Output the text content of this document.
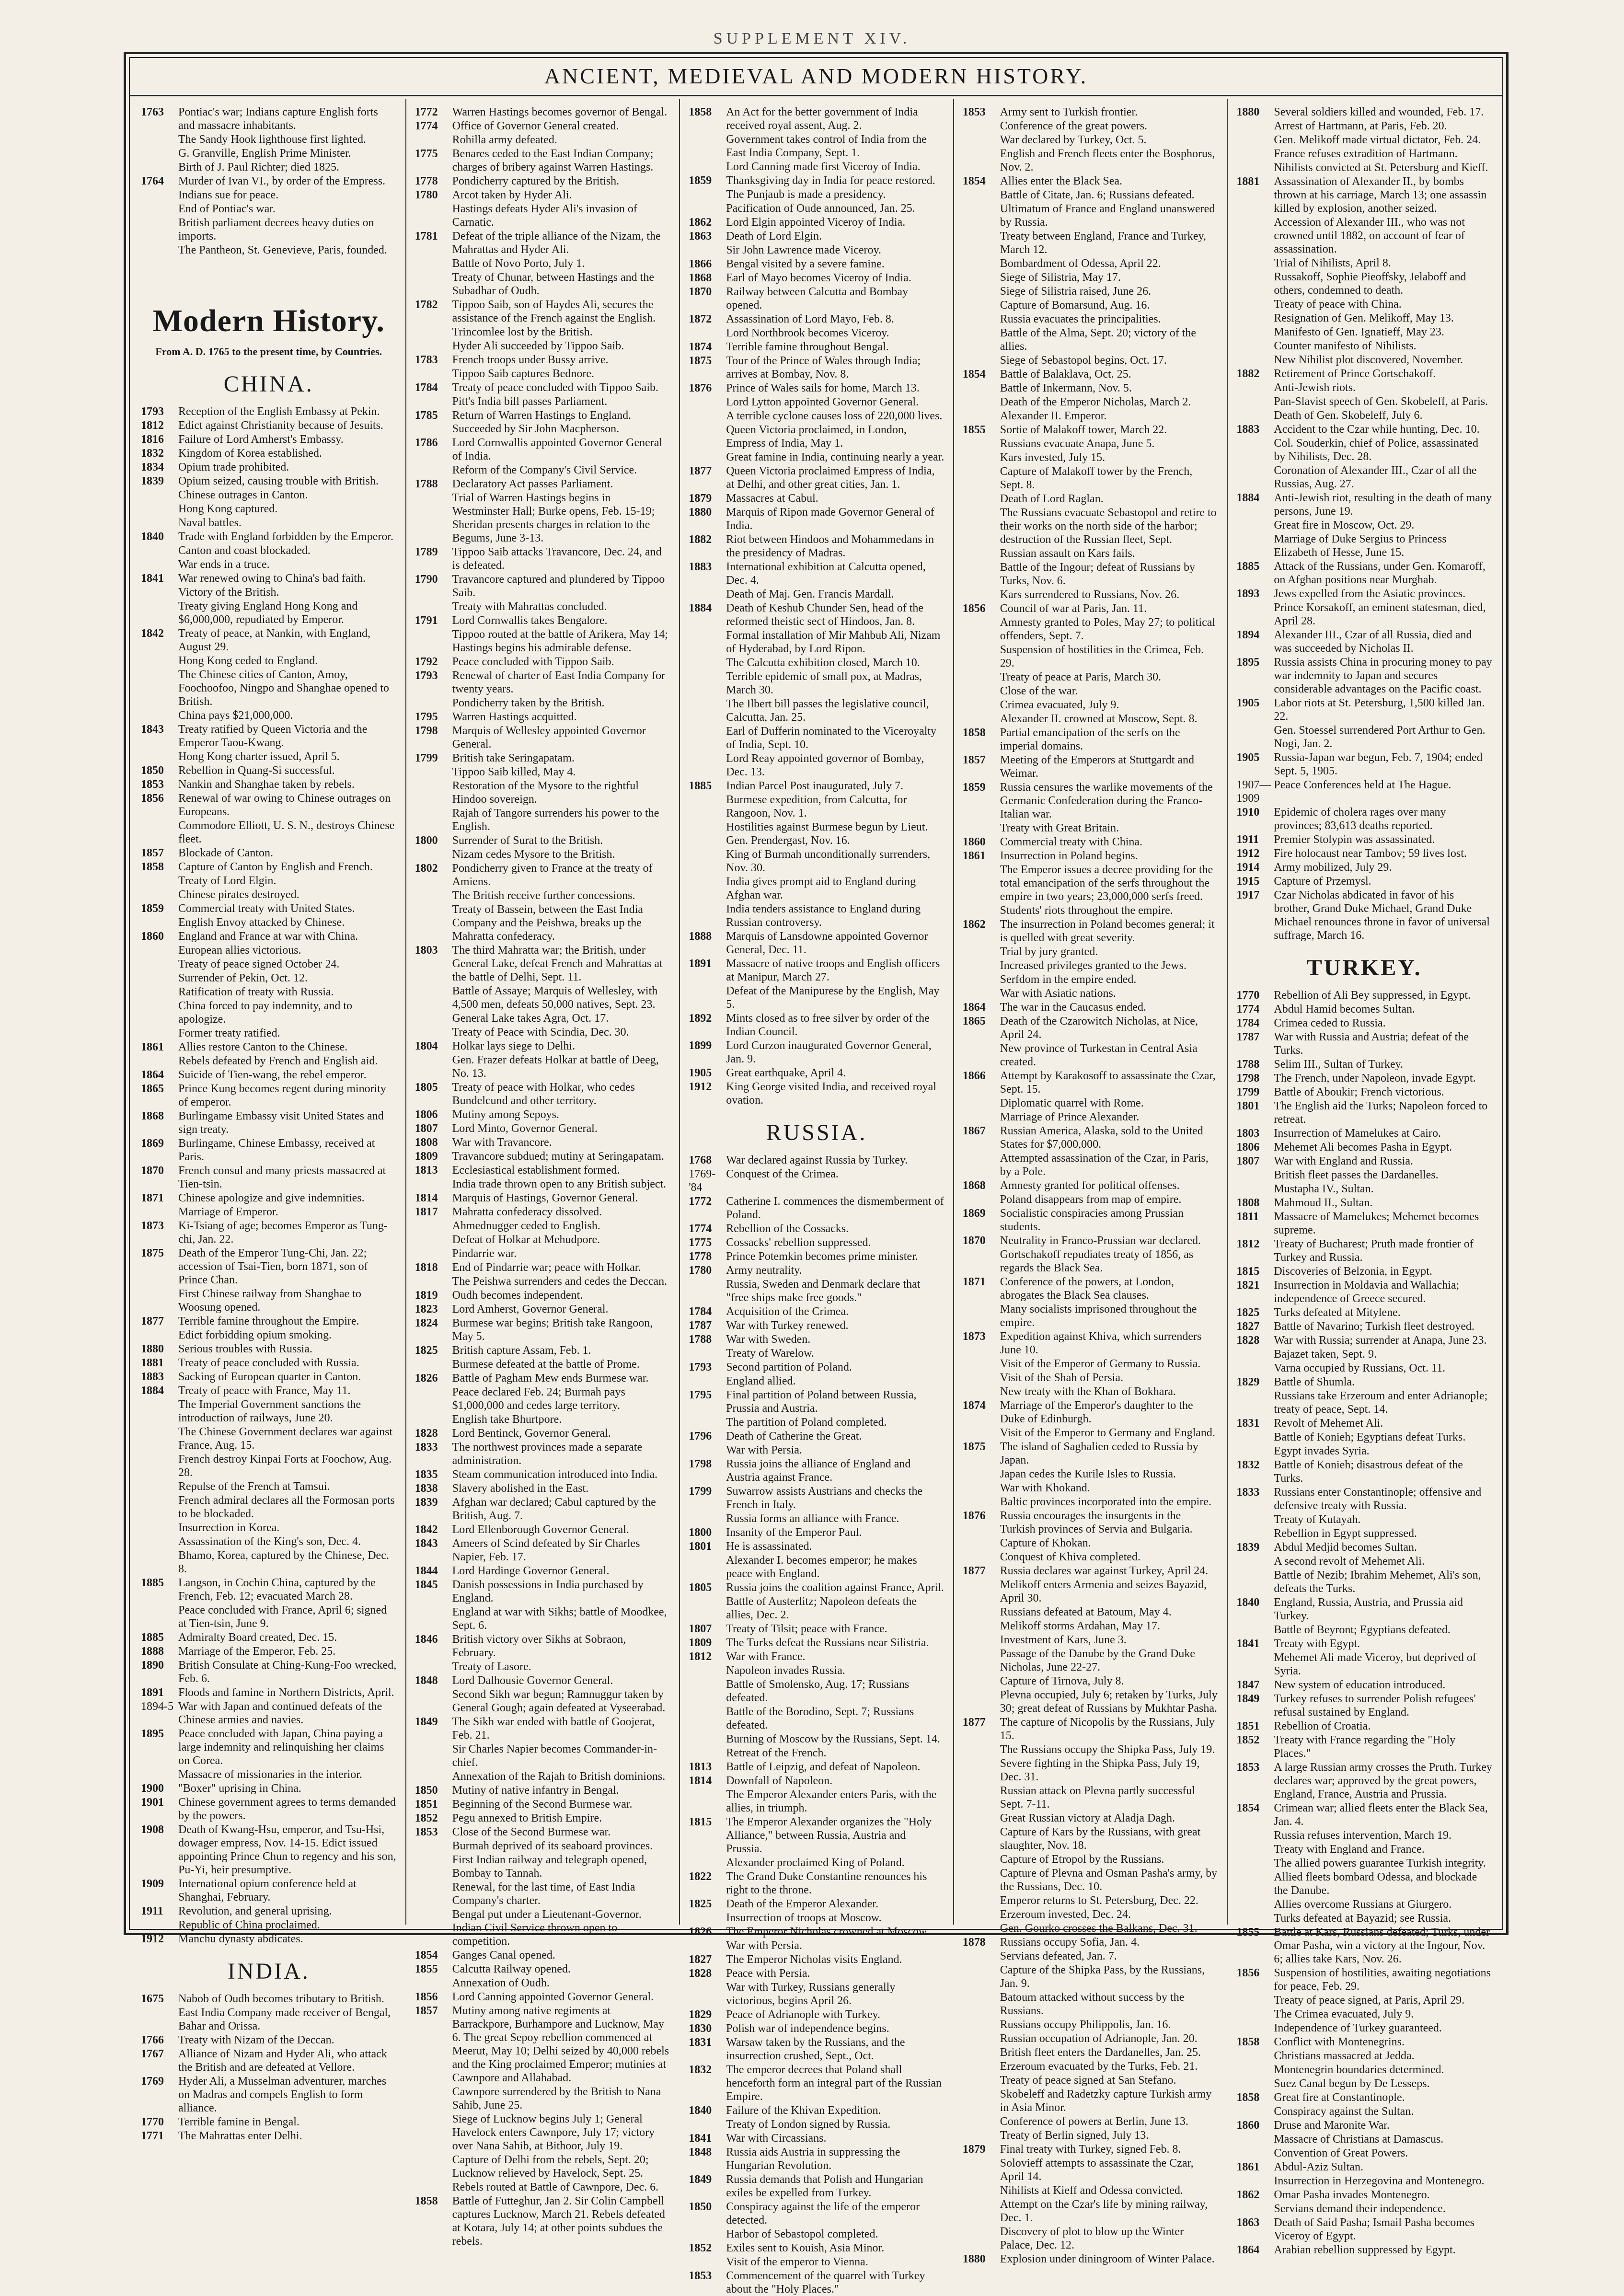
SUPPLEMENT XIV.
ANCIENT, MEDIEVAL AND MODERN HISTORY.
1763	Pontiac's war; Indians capture English forts and massacre inhabitants.
The Sandy Hook lighthouse first lighted.
G. Granville, English Prime Minister.
Birth of J. Paul Richter; died 1825.
1764	Murder of Ivan VI., by order of the Empress.
Indians sue for peace.
End of Pontiac's war.
British parliament decrees heavy duties on imports.
The Pantheon, St. Genevieve, Paris, founded.
Modern History.
From A. D. 1765 to the present time, by Countries.
CHINA.
1793	Reception of the English Embassy at Pekin.
1812	Edict against Christianity because of Jesuits.
1816	Failure of Lord Amherst's Embassy.
1832	Kingdom of Korea established.
1834	Opium trade prohibited.
1839	Opium seized, causing trouble with British.
Chinese outrages in Canton.
Hong Kong captured.
Naval battles.
1840	Trade with England forbidden by the Emperor.
Canton and coast blockaded.
War ends in a truce.
1841	War renewed owing to China's bad faith.
Victory of the British.
Treaty giving England Hong Kong and $6,000,000, repudiated by Emperor.
1842	Treaty of peace, at Nankin, with England, August 29.
Hong Kong ceded to England.
The Chinese cities of Canton, Amoy, Foochoofoo, Ningpo and Shanghae opened to British.
China pays $21,000,000.
1843	Treaty ratified by Queen Victoria and the Emperor Taou-Kwang.
Hong Kong charter issued, April 5.
1850	Rebellion in Quang-Si successful.
1853	Nankin and Shanghae taken by rebels.
1856	Renewal of war owing to Chinese outrages on Europeans.
Commodore Elliott, U. S. N., destroys Chinese fleet.
1857	Blockade of Canton.
1858	Capture of Canton by English and French.
Treaty of Lord Elgin.
Chinese pirates destroyed.
1859	Commercial treaty with United States.
English Envoy attacked by Chinese.
1860	England and France at war with China.
European allies victorious.
Treaty of peace signed October 24.
Surrender of Pekin, Oct. 12.
Ratification of treaty with Russia.
China forced to pay indemnity, and to apologize.
Former treaty ratified.
1861	Allies restore Canton to the Chinese.
Rebels defeated by French and English aid.
1864	Suicide of Tien-wang, the rebel emperor.
1865	Prince Kung becomes regent during minority of emperor.
1868	Burlingame Embassy visit United States and sign treaty.
1869	Burlingame, Chinese Embassy, received at Paris.
1870	French consul and many priests massacred at Tien-tsin.
1871	Chinese apologize and give indemnities.
Marriage of Emperor.
1873	Ki-Tsiang of age; becomes Emperor as Tung-chi, Jan. 22.
1875	Death of the Emperor Tung-Chi, Jan. 22; accession of Tsai-Tien, born 1871, son of Prince Chan.
First Chinese railway from Shanghae to Woosung opened.
1877	Terrible famine throughout the Empire.
Edict forbidding opium smoking.
1880	Serious troubles with Russia.
1881	Treaty of peace concluded with Russia.
1883	Sacking of European quarter in Canton.
1884	Treaty of peace with France, May 11.
The Imperial Government sanctions the introduction of railways, June 20.
The Chinese Government declares war against France, Aug. 15.
French destroy Kinpai Forts at Foochow, Aug. 28.
Repulse of the French at Tamsui.
French admiral declares all the Formosan ports to be blockaded.
Insurrection in Korea.
Assassination of the King's son, Dec. 4.
Bhamo, Korea, captured by the Chinese, Dec. 8.
1885	Langson, in Cochin China, captured by the French, Feb. 12; evacuated March 28.
Peace concluded with France, April 6; signed at Tien-tsin, June 9.
1885	Admiralty Board created, Dec. 15.
1888	Marriage of the Emperor, Feb. 25.
1890	British Consulate at Ching-Kung-Foo wrecked, Feb. 6.
1891	Floods and famine in Northern Districts, April.
1894-5 War with Japan and continued defeats of the Chinese armies and navies.
1895	Peace concluded with Japan, China paying a large indemnity and relinquishing her claims on Corea.
Massacre of missionaries in the interior.
1900	"Boxer" uprising in China.
1901	Chinese government agrees to terms demanded by the powers.
1908	Death of Kwang-Hsu, emperor, and Tsu-Hsi, dowager empress, Nov. 14-15. Edict issued appointing Prince Chun to regency and his son, Pu-Yi, heir presumptive.
1909	International opium conference held at Shanghai, February.
1911	Revolution, and general uprising.
Republic of China proclaimed.
1912	Manchu dynasty abdicates.
INDIA.
1675	Nabob of Oudh becomes tributary to British.
East India Company made receiver of Bengal, Bahar and Orissa.
1766	Treaty with Nizam of the Deccan.
1767	Alliance of Nizam and Hyder Ali, who attack the British and are defeated at Vellore.
1769	Hyder Ali, a Musselman adventurer, marches on Madras and compels English to form alliance.
1770	Terrible famine in Bengal.
1771	The Mahrattas enter Delhi.
1772	Warren Hastings becomes governor of Bengal.
1774	Office of Governor General created.
Rohilla army defeated.
1775	Benares ceded to the East Indian Company; charges of bribery against Warren Hastings.
1778	Pondicherry captured by the British.
1780	Arcot taken by Hyder Ali.
Hastings defeats Hyder Ali's invasion of Carnatic.
1781	Defeat of the triple alliance of the Nizam, the Mahrattas and Hyder Ali.
Battle of Novo Porto, July 1.
Treaty of Chunar, between Hastings and the Subadhar of Oudh.
1782	Tippoo Saib, son of Haydes Ali, secures the assistance of the French against the English.
Trincomlee lost by the British.
Hyder Ali succeeded by Tippoo Saib.
1783	French troops under Bussy arrive.
Tippoo Saib captures Bednore.
1784	Treaty of peace concluded with Tippoo Saib.
Pitt's India bill passes Parliament.
1785	Return of Warren Hastings to England. Succeeded by Sir John Macpherson.
1786	Lord Cornwallis appointed Governor General of India.
Reform of the Company's Civil Service.
1788	Declaratory Act passes Parliament.
Trial of Warren Hastings begins in Westminster Hall; Burke opens, Feb. 15-19; Sheridan presents charges in relation to the Begums, June 3-13.
1789	Tippoo Saib attacks Travancore, Dec. 24, and is defeated.
1790	Travancore captured and plundered by Tippoo Saib.
Treaty with Mahrattas concluded.
1791	Lord Cornwallis takes Bengalore.
Tippoo routed at the battle of Arikera, May 14; Hastings begins his admirable defense.
1792	Peace concluded with Tippoo Saib.
1793	Renewal of charter of East India Company for twenty years.
Pondicherry taken by the British.
1795	Warren Hastings acquitted.
1798	Marquis of Wellesley appointed Governor General.
1799	British take Seringapatam.
Tippoo Saib killed, May 4.
Restoration of the Mysore to the rightful Hindoo sovereign.
Rajah of Tangore surrenders his power to the English.
1800	Surrender of Surat to the British.
Nizam cedes Mysore to the British.
1802	Pondicherry given to France at the treaty of Amiens.
The British receive further concessions.
Treaty of Bassein, between the East India Company and the Peishwa, breaks up the Mahratta confederacy.
1803	The third Mahratta war; the British, under General Lake, defeat French and Mahrattas at the battle of Delhi, Sept. 11.
Battle of Assaye; Marquis of Wellesley, with 4,500 men, defeats 50,000 natives, Sept. 23.
General Lake takes Agra, Oct. 17.
Treaty of Peace with Scindia, Dec. 30.
1804	Holkar lays siege to Delhi.
Gen. Frazer defeats Holkar at battle of Deeg, No. 13.
1805	Treaty of peace with Holkar, who cedes Bundelcund and other territory.
1806	Mutiny among Sepoys.
1807	Lord Minto, Governor General.
1808	War with Travancore.
1809	Travancore subdued; mutiny at Seringapatam.
1813	Ecclesiastical establishment formed.
India trade thrown open to any British subject.
1814	Marquis of Hastings, Governor General.
1817	Mahratta confederacy dissolved.
Ahmednugger ceded to English.
Defeat of Holkar at Mehudpore.
Pindarrie war.
1818	End of Pindarrie war; peace with Holkar.
The Peishwa surrenders and cedes the Deccan.
1819	Oudh becomes independent.
1823	Lord Amherst, Governor General.
1824	Burmese war begins; British take Rangoon, May 5.
1825	British capture Assam, Feb. 1.
Burmese defeated at the battle of Prome.
1826	Battle of Pagham Mew ends Burmese war.
Peace declared Feb. 24; Burmah pays $1,000,000 and cedes large territory.
English take Bhurtpore.
1828	Lord Bentinck, Governor General.
1833	The northwest provinces made a separate administration.
1835	Steam communication introduced into India.
1838	Slavery abolished in the East.
1839	Afghan war declared; Cabul captured by the British, Aug. 7.
1842	Lord Ellenborough Governor General.
1843	Ameers of Scind defeated by Sir Charles Napier, Feb. 17.
1844	Lord Hardinge Governor General.
1845	Danish possessions in India purchased by England.
England at war with Sikhs; battle of Moodkee, Sept. 6.
1846	British victory over Sikhs at Sobraon, February.
Treaty of Lasore.
1848	Lord Dalhousie Governor General.
Second Sikh war begun; Ramnuggur taken by General Gough; again defeated at Vyseerabad.
1849	The Sikh war ended with battle of Goojerat, Feb. 21.
Sir Charles Napier becomes Commander-in-chief.
Annexation of the Rajah to British dominions.
1850	Mutiny of native infantry in Bengal.
1851	Beginning of the Second Burmese war.
1852	Pegu annexed to British Empire.
1853	Close of the Second Burmese war.
Burmah deprived of its seaboard provinces.
First Indian railway and telegraph opened, Bombay to Tannah.
Renewal, for the last time, of East India Company's charter.
Bengal put under a Lieutenant-Governor. Indian Civil Service thrown open to competition.
1854	Ganges Canal opened.
1855	Calcutta Railway opened.
Annexation of Oudh.
1856	Lord Canning appointed Governor General.
1857	Mutiny among native regiments at Barrackpore, Burhampore and Lucknow, May 6. The great Sepoy rebellion commenced at Meerut, May 10; Delhi seized by 40,000 rebels and the King proclaimed Emperor; mutinies at Cawnpore and Allahabad.
Cawnpore surrendered by the British to Nana Sahib, June 25.
Siege of Lucknow begins July 1; General Havelock enters Cawnpore, July 17; victory over Nana Sahib, at Bithoor, July 19.
Capture of Delhi from the rebels, Sept. 20; Lucknow relieved by Havelock, Sept. 25.
Rebels routed at Battle of Cawnpore, Dec. 6.
1858	Battle of Futteghur, Jan 2. Sir Colin Campbell captures Lucknow, March 21. Rebels defeated at Kotara, July 14; at other points subdues the rebels.
1858	An Act for the better government of India received royal assent, Aug. 2.
Government takes control of India from the East India Company, Sept. 1.
Lord Canning made first Viceroy of India.
1859	Thanksgiving day in India for peace restored.
The Punjaub is made a presidency.
Pacification of Oude announced, Jan. 25.
1862	Lord Elgin appointed Viceroy of India.
1863	Death of Lord Elgin.
Sir John Lawrence made Viceroy.
1866	Bengal visited by a severe famine.
1868	Earl of Mayo becomes Viceroy of India.
1870	Railway between Calcutta and Bombay opened.
1872	Assassination of Lord Mayo, Feb. 8.
Lord Northbrook becomes Viceroy.
1874	Terrible famine throughout Bengal.
1875	Tour of the Prince of Wales through India; arrives at Bombay, Nov. 8.
1876	Prince of Wales sails for home, March 13.
Lord Lytton appointed Governor General.
A terrible cyclone causes loss of 220,000 lives.
Queen Victoria proclaimed, in London, Empress of India, May 1.
Great famine in India, continuing nearly a year.
1877	Queen Victoria proclaimed Empress of India, at Delhi, and other great cities, Jan. 1.
1879	Massacres at Cabul.
1880	Marquis of Ripon made Governor General of India.
1882	Riot between Hindoos and Mohammedans in the presidency of Madras.
1883	International exhibition at Calcutta opened, Dec. 4.
Death of Maj. Gen. Francis Mardall.
1884	Death of Keshub Chunder Sen, head of the reformed theistic sect of Hindoos, Jan. 8.
Formal installation of Mir Mahbub Ali, Nizam of Hyderabad, by Lord Ripon.
The Calcutta exhibition closed, March 10.
Terrible epidemic of small pox, at Madras, March 30.
The Ilbert bill passes the legislative council, Calcutta, Jan. 25.
Earl of Dufferin nominated to the Viceroyalty of India, Sept. 10.
Lord Reay appointed governor of Bombay, Dec. 13.
1885	Indian Parcel Post inaugurated, July 7.
Burmese expedition, from Calcutta, for Rangoon, Nov. 1.
Hostilities against Burmese begun by Lieut. Gen. Prendergast, Nov. 16.
King of Burmah unconditionally surrenders, Nov. 30.
India gives prompt aid to England during Afghan war.
India tenders assistance to England during Russian controversy.
1888	Marquis of Lansdowne appointed Governor General, Dec. 11.
1891	Massacre of native troops and English officers at Manipur, March 27.
Defeat of the Manipurese by the English, May 5.
1892	Mints closed as to free silver by order of the Indian Council.
1899	Lord Curzon inaugurated Governor General, Jan. 9.
1905	Great earthquake, April 4.
1912	King George visited India, and received royal ovation.
RUSSIA.
1768	War declared against Russia by Turkey.
1769-'84
Conquest of the Crimea.
1772	Catherine I. commences the dismemberment of Poland.
1774	Rebellion of the Cossacks.
1775	Cossacks' rebellion suppressed.
1778	Prince Potemkin becomes prime minister.
1780	Army neutrality.
Russia, Sweden and Denmark declare that "free ships make free goods."
1784	Acquisition of the Crimea.
1787	War with Turkey renewed.
1788	War with Sweden.
Treaty of Warelow.
1793	Second partition of Poland.
England allied.
1795	Final partition of Poland between Russia, Prussia and Austria.
The partition of Poland completed.
1796	Death of Catherine the Great.
War with Persia.
1798	Russia joins the alliance of England and Austria against France.
1799	Suwarrow assists Austrians and checks the French in Italy.
Russia forms an alliance with France.
1800	Insanity of the Emperor Paul.
1801	He is assassinated.
Alexander I. becomes emperor; he makes peace with England.
1805	Russia joins the coalition against France, April.
Battle of Austerlitz; Napoleon defeats the allies, Dec. 2.
1807	Treaty of Tilsit; peace with France.
1809	The Turks defeat the Russians near Silistria.
1812	War with France.
Napoleon invades Russia.
Battle of Smolensko, Aug. 17; Russians defeated.
Battle of the Borodino, Sept. 7; Russians defeated.
Burning of Moscow by the Russians, Sept. 14.
Retreat of the French.
1813	Battle of Leipzig, and defeat of Napoleon.
1814	Downfall of Napoleon.
The Emperor Alexander enters Paris, with the allies, in triumph.
1815	The Emperor Alexander organizes the "Holy Alliance," between Russia, Austria and Prussia.
Alexander proclaimed King of Poland.
1822	The Grand Duke Constantine renounces his right to the throne.
1825	Death of the Emperor Alexander.
Insurrection of troops at Moscow.
1826	The Emperor Nicholas crowned at Moscow.
War with Persia.
1827	The Emperor Nicholas visits England.
1828	Peace with Persia.
War with Turkey, Russians generally victorious, begins April 26.
1829	Peace of Adrianople with Turkey.
1830	Polish war of independence begins.
1831	Warsaw taken by the Russians, and the insurrection crushed, Sept., Oct.
1832	The emperor decrees that Poland shall henceforth form an integral part of the Russian Empire.
1840	Failure of the Khivan Expedition.
Treaty of London signed by Russia.
1841	War with Circassians.
1848	Russia aids Austria in suppressing the Hungarian Revolution.
1849	Russia demands that Polish and Hungarian exiles be expelled from Turkey.
1850	Conspiracy against the life of the emperor detected.
Harbor of Sebastopol completed.
1852	Exiles sent to Kouish, Asia Minor.
Visit of the emperor to Vienna.
1853	Commencement of the quarrel with Turkey about the "Holy Places."
1853	Army sent to Turkish frontier.
Conference of the great powers.
War declared by Turkey, Oct. 5.
English and French fleets enter the Bosphorus, Nov. 2.
1854	Allies enter the Black Sea.
Battle of Citate, Jan. 6; Russians defeated.
Ultimatum of France and England unanswered by Russia.
Treaty between England, France and Turkey, March 12.
Bombardment of Odessa, April 22.
Siege of Silistria, May 17.
Siege of Silistria raised, June 26.
Capture of Bomarsund, Aug. 16.
Russia evacuates the principalities.
Battle of the Alma, Sept. 20; victory of the allies.
Siege of Sebastopol begins, Oct. 17.
1854	Battle of Balaklava, Oct. 25.
Battle of Inkermann, Nov. 5.
Death of the Emperor Nicholas, March 2.
Alexander II. Emperor.
1855	Sortie of Malakoff tower, March 22.
Russians evacuate Anapa, June 5.
Kars invested, July 15.
Capture of Malakoff tower by the French, Sept. 8.
Death of Lord Raglan.
The Russians evacuate Sebastopol and retire to their works on the north side of the harbor; destruction of the Russian fleet, Sept.
Russian assault on Kars fails.
Battle of the Ingour; defeat of Russians by Turks, Nov. 6.
Kars surrendered to Russians, Nov. 26.
1856	Council of war at Paris, Jan. 11.
Amnesty granted to Poles, May 27; to political offenders, Sept. 7.
Suspension of hostilities in the Crimea, Feb. 29.
Treaty of peace at Paris, March 30.
Close of the war.
Crimea evacuated, July 9.
Alexander II. crowned at Moscow, Sept. 8.
1858	Partial emancipation of the serfs on the imperial domains.
1857	Meeting of the Emperors at Stuttgardt and Weimar.
1859	Russia censures the warlike movements of the Germanic Confederation during the Franco-Italian war.
Treaty with Great Britain.
1860	Commercial treaty with China.
1861	Insurrection in Poland begins.
The Emperor issues a decree providing for the total emancipation of the serfs throughout the empire in two years; 23,000,000 serfs freed.
Students' riots throughout the empire.
1862	The insurrection in Poland becomes general; it is quelled with great severity.
Trial by jury granted.
Increased privileges granted to the Jews.
Serfdom in the empire ended.
War with Asiatic nations.
1864	The war in the Caucasus ended.
1865	Death of the Czarowitch Nicholas, at Nice, April 24.
New province of Turkestan in Central Asia created.
1866	Attempt by Karakosoff to assassinate the Czar, Sept. 15.
Diplomatic quarrel with Rome.
Marriage of Prince Alexander.
1867	Russian America, Alaska, sold to the United States for $7,000,000.
Attempted assassination of the Czar, in Paris, by a Pole.
1868	Amnesty granted for political offenses.
Poland disappears from map of empire.
1869	Socialistic conspiracies among Prussian students.
1870	Neutrality in Franco-Prussian war declared.
Gortschakoff repudiates treaty of 1856, as regards the Black Sea.
1871	Conference of the powers, at London, abrogates the Black Sea clauses.
Many socialists imprisoned throughout the empire.
1873	Expedition against Khiva, which surrenders June 10.
Visit of the Emperor of Germany to Russia.
Visit of the Shah of Persia.
New treaty with the Khan of Bokhara.
1874	Marriage of the Emperor's daughter to the Duke of Edinburgh.
Visit of the Emperor to Germany and England.
1875	The island of Saghalien ceded to Russia by Japan.
Japan cedes the Kurile Isles to Russia.
War with Khokand.
Baltic provinces incorporated into the empire.
1876	Russia encourages the insurgents in the Turkish provinces of Servia and Bulgaria.
Capture of Khokan.
Conquest of Khiva completed.
1877	Russia declares war against Turkey, April 24.
Melikoff enters Armenia and seizes Bayazid, April 30.
Russians defeated at Batoum, May 4.
Melikoff storms Ardahan, May 17.
Investment of Kars, June 3.
Passage of the Danube by the Grand Duke Nicholas, June 22-27.
Capture of Tirnova, July 8.
Plevna occupied, July 6; retaken by Turks, July 30; great defeat of Russians by Mukhtar Pasha.
1877	The capture of Nicopolis by the Russians, July 15.
The Russians occupy the Shipka Pass, July 19.
Severe fighting in the Shipka Pass, July 19, Dec. 31.
Russian attack on Plevna partly successful Sept. 7-11.
Great Russian victory at Aladja Dagh.
Capture of Kars by the Russians, with great slaughter, Nov. 18.
Capture of Etropol by the Russians.
Capture of Plevna and Osman Pasha's army, by the Russians, Dec. 10.
Emperor returns to St. Petersburg, Dec. 22.
Erzeroum invested, Dec. 24.
Gen. Gourko crosses the Balkans, Dec. 31.
1878	Russians occupy Sofia, Jan. 4.
Servians defeated, Jan. 7.
Capture of the Shipka Pass, by the Russians, Jan. 9.
Batoum attacked without success by the Russians.
Russians occupy Philippolis, Jan. 16.
Russian occupation of Adrianople, Jan. 20.
British fleet enters the Dardanelles, Jan. 25.
Erzeroum evacuated by the Turks, Feb. 21.
Treaty of peace signed at San Stefano.
Skobeleff and Radetzky capture Turkish army in Asia Minor.
Conference of powers at Berlin, June 13.
Treaty of Berlin signed, July 13.
1879	Final treaty with Turkey, signed Feb. 8.
Solovieff attempts to assassinate the Czar, April 14.
Nihilists at Kieff and Odessa convicted.
Attempt on the Czar's life by mining railway, Dec. 1.
Discovery of plot to blow up the Winter Palace, Dec. 12.
1880	Explosion under diningroom of Winter Palace.
1880	Several soldiers killed and wounded, Feb. 17.
Arrest of Hartmann, at Paris, Feb. 20.
Gen. Melikoff made virtual dictator, Feb. 24.
France refuses extradition of Hartmann.
Nihilists convicted at St. Petersburg and Kieff.
1881	Assassination of Alexander II., by bombs thrown at his carriage, March 13; one assassin killed by explosion, another seized.
Accession of Alexander III., who was not crowned until 1882, on account of fear of assassination.
Trial of Nihilists, April 8.
Russakoff, Sophie Pieoffsky, Jelaboff and others, condemned to death.
Treaty of peace with China.
Resignation of Gen. Melikoff, May 13.
Manifesto of Gen. Ignatieff, May 23.
Counter manifesto of Nihilists.
New Nihilist plot discovered, November.
1882	Retirement of Prince Gortschakoff.
Anti-Jewish riots.
Pan-Slavist speech of Gen. Skobeleff, at Paris.
Death of Gen. Skobeleff, July 6.
1883	Accident to the Czar while hunting, Dec. 10.
Col. Souderkin, chief of Police, assassinated by Nihilists, Dec. 28.
Coronation of Alexander III., Czar of all the Russias, Aug. 27.
1884	Anti-Jewish riot, resulting in the death of many persons, June 19.
Great fire in Moscow, Oct. 29.
Marriage of Duke Sergius to Princess Elizabeth of Hesse, June 15.
1885	Attack of the Russians, under Gen. Komaroff, on Afghan positions near Murghab.
1893	Jews expelled from the Asiatic provinces.
Prince Korsakoff, an eminent statesman, died, April 28.
1894	Alexander III., Czar of all Russia, died and was succeeded by Nicholas II.
1895	Russia assists China in procuring money to pay war indemnity to Japan and secures considerable advantages on the Pacific coast.
1905	Labor riots at St. Petersburg, 1,500 killed Jan. 22.
Gen. Stoessel surrendered Port Arthur to Gen. Nogi, Jan. 2.
1905	Russia-Japan war begun, Feb. 7, 1904; ended Sept. 5, 1905.
1907—1909
Peace Conferences held at The Hague.
1910	Epidemic of cholera rages over many provinces; 83,613 deaths reported.
1911	Premier Stolypin was assassinated.
1912	Fire holocaust near Tambov; 59 lives lost.
1914	Army mobilized, July 29.
1915	Capture of Przemysl.
1917	Czar Nicholas abdicated in favor of his brother, Grand Duke Michael, Grand Duke Michael renounces throne in favor of universal suffrage, March 16.
TURKEY.
1770	Rebellion of Ali Bey suppressed, in Egypt.
1774	Abdul Hamid becomes Sultan.
1784	Crimea ceded to Russia.
1787	War with Russia and Austria; defeat of the Turks.
1788	Selim III., Sultan of Turkey.
1798	The French, under Napoleon, invade Egypt.
1799	Battle of Aboukir; French victorious.
1801	The English aid the Turks; Napoleon forced to retreat.
1803	Insurrection of Mamelukes at Cairo.
1806	Mehemet Ali becomes Pasha in Egypt.
1807	War with England and Russia.
British fleet passes the Dardanelles.
Mustapha IV., Sultan.
1808	Mahmoud II., Sultan.
1811	Massacre of Mamelukes; Mehemet becomes supreme.
1812	Treaty of Bucharest; Pruth made frontier of Turkey and Russia.
1815	Discoveries of Belzonia, in Egypt.
1821	Insurrection in Moldavia and Wallachia; independence of Greece secured.
1825	Turks defeated at Mitylene.
1827	Battle of Navarino; Turkish fleet destroyed.
1828	War with Russia; surrender at Anapa, June 23.
Bajazet taken, Sept. 9.
Varna occupied by Russians, Oct. 11.
1829	Battle of Shumla.
Russians take Erzeroum and enter Adrianople; treaty of peace, Sept. 14.
1831	Revolt of Mehemet Ali.
Battle of Konieh; Egyptians defeat Turks.
Egypt invades Syria.
1832	Battle of Konieh; disastrous defeat of the Turks.
1833	Russians enter Constantinople; offensive and defensive treaty with Russia.
Treaty of Kutayah.
Rebellion in Egypt suppressed.
1839	Abdul Medjid becomes Sultan.
A second revolt of Mehemet Ali.
Battle of Nezib; Ibrahim Mehemet, Ali's son, defeats the Turks.
1840	England, Russia, Austria, and Prussia aid Turkey.
Battle of Beyront; Egyptians defeated.
1841	Treaty with Egypt.
Mehemet Ali made Viceroy, but deprived of Syria.
1847	New system of education introduced.
1849	Turkey refuses to surrender Polish refugees' refusal sustained by England.
1851	Rebellion of Croatia.
1852	Treaty with France regarding the "Holy Places."
1853	A large Russian army crosses the Pruth. Turkey declares war; approved by the great powers, England, France, Austria and Prussia.
1854	Crimean war; allied fleets enter the Black Sea, Jan. 4.
Russia refuses intervention, March 19.
Treaty with England and France.
The allied powers guarantee Turkish integrity.
Allied fleets bombard Odessa, and blockade the Danube.
Allies overcome Russians at Giurgero.
Turks defeated at Bayazid; see Russia.
1855	Battle at Kars, Russians defeated; Turks, under Omar Pasha, win a victory at the Ingour, Nov. 6; allies take Kars, Nov. 26.
1856	Suspension of hostilities, awaiting negotiations for peace, Feb. 29.
Treaty of peace signed, at Paris, April 29.
The Crimea evacuated, July 9.
Independence of Turkey guaranteed.
1858	Conflict with Montenegrins.
Christians massacred at Jedda.
Montenegrin boundaries determined.
Suez Canal begun by De Lesseps.
1858	Great fire at Constantinople.
Conspiracy against the Sultan.
1860	Druse and Maronite War.
Massacre of Christians at Damascus.
Convention of Great Powers.
1861	Abdul-Aziz Sultan.
Insurrection in Herzegovina and Montenegro.
1862	Omar Pasha invades Montenegro.
Servians demand their independence.
1863	Death of Said Pasha; Ismail Pasha becomes Viceroy of Egypt.
1864	Arabian rebellion suppressed by Egypt.
